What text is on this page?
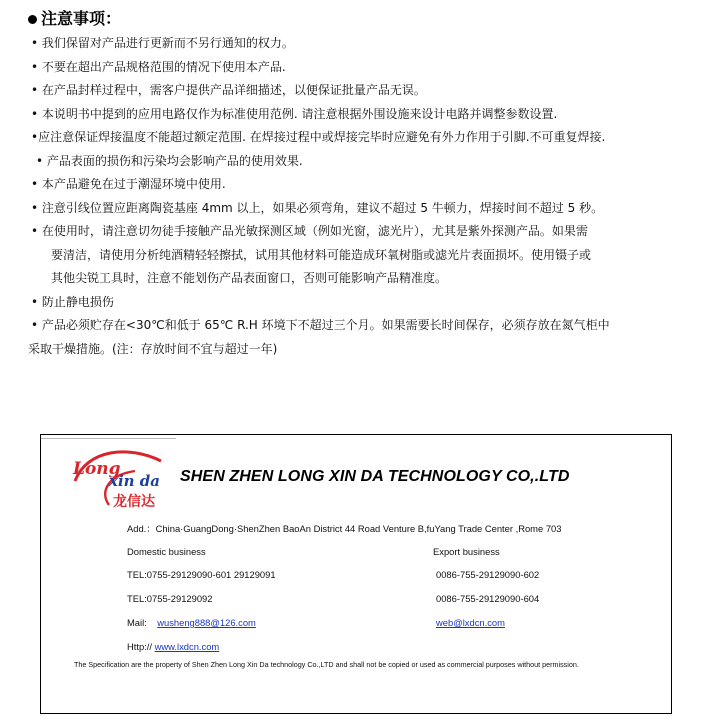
注意事项：
• 我们保留对产品进行更新而不另行通知的权力。
• 不要在超出产品规格范围的情况下使用本产品.
• 在产品封样过程中，需客户提供产品详细描述，以便保证批量产品无误。
• 本说明书中提到的应用电路仅作为标准使用范例. 请注意根据外围设施来设计电路并调整参数设置.
•应注意保证焊接温度不能超过额定范围. 在焊接过程中或焊接完毕时应避免有外力作用于引脚.不可重复焊接.
• 产品表面的损伤和污染均会影响产品的使用效果.
• 本产品避免在过于潮湿环境中使用.
• 注意引线位置应距离陶瓷基座 4mm 以上，如果必须弯角，建议不超过 5 牛顿力，焊接时间不超过 5 秒。
• 在使用时，请注意切勿徒手接触产品光敏探测区域（例如光窗，滤光片），尤其是紫外探测产品。如果需
要清洁，请使用分析纯酒精轻轻擦拭，试用其他材料可能造成环氧树脂或滤光片表面损坏。使用镊子或
其他尖锐工具时，注意不能划伤产品表面窗口，否则可能影响产品精准度。
• 防止静电损伤
• 产品必须贮存在<30℃和低于 65℃ R.H 环境下不超过三个月。如果需要长时间保存，必须存放在氮气柜中
采取干燥措施。(注：存放时间不宜与超过一年)
Long
xin da
龙信达
SHEN ZHEN LONG XIN DA TECHNOLOGY CO,.LTD
Add.：China·GuangDong·ShenZhen BaoAn District 44 Road Venture B,fuYang Trade Center ,Rome 703
Domestic business	Export business
TEL:0755-29129090-601 29129091	0086-755-29129090-602
TEL:0755-29129092	0086-755-29129090-604
Mail: wusheng888@126.com	web@lxdcn.com
Http:// www.lxdcn.com
The Specification are the property of Shen Zhen Long Xin Da technology Co.,LTD and shall not be copied or used as commercial purposes without permission.
